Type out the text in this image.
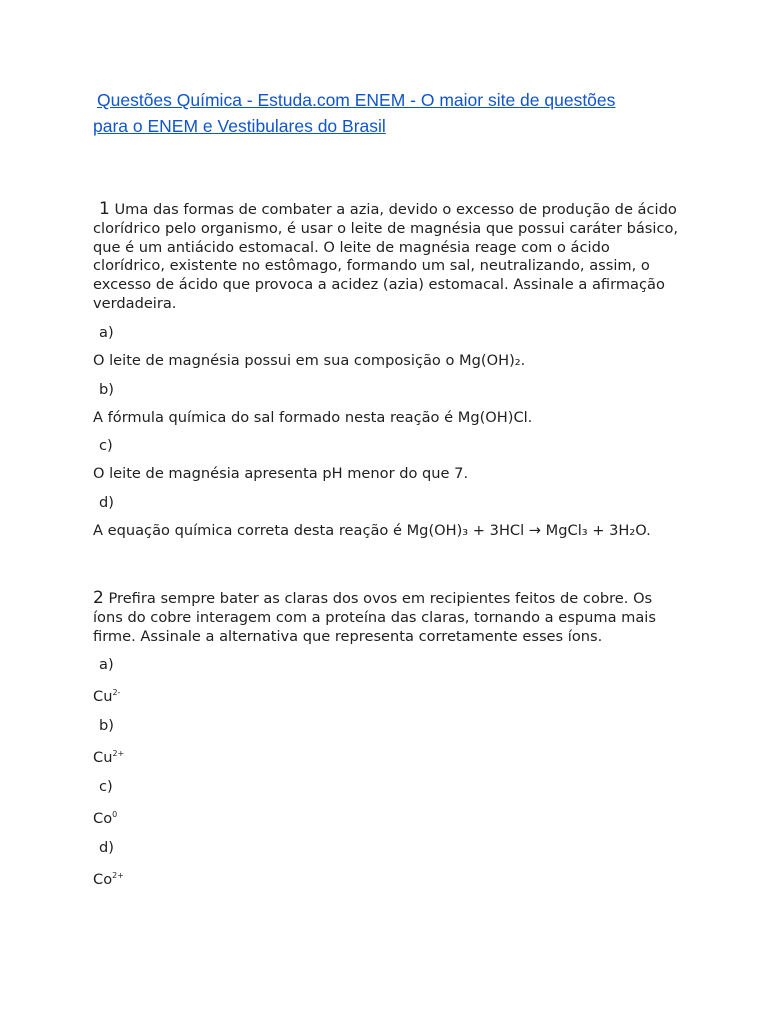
Questões Química - Estuda.com ENEM - O maior site de questões
para o ENEM e Vestibulares do Brasil
1 Uma das formas de combater a azia, devido o excesso de produção de ácido clorídrico pelo organismo, é usar o leite de magnésia que possui caráter básico, que é um antiácido estomacal. O leite de magnésia reage com o ácido clorídrico, existente no estômago, formando um sal, neutralizando, assim, o excesso de ácido que provoca a acidez (azia) estomacal. Assinale a afirmação verdadeira.
a)
O leite de magnésia possui em sua composição o Mg(OH)₂.
b)
A fórmula química do sal formado nesta reação é Mg(OH)Cl.
c)
O leite de magnésia apresenta pH menor do que 7.
d)
A equação química correta desta reação é Mg(OH)₃ + 3HCl → MgCl₃ + 3H₂O.
2 Prefira sempre bater as claras dos ovos em recipientes feitos de cobre. Os íons do cobre interagem com a proteína das claras, tornando a espuma mais firme. Assinale a alternativa que representa corretamente esses íons.
a)
$Cu^{2-}$
b)
$Cu^{2+}$
c)
Co$^0$
d)
$Co^{2+}$
